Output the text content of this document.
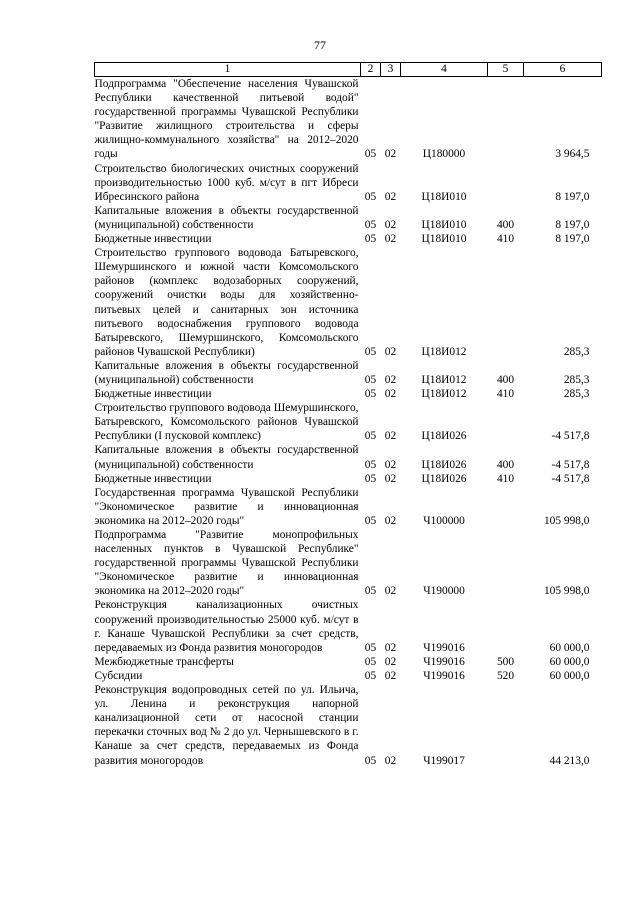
77
1	2	3	4	5	6
Подпрограмма "Обеспечение населения Чувашской Республики качественной питьевой водой" государственной программы Чувашской Республики "Развитие жилищного строительства и сферы жилищно-коммунального хозяйства" на 2012–2020 годы	05	02	Ц180000		3 964,5
Строительство биологических очистных сооружений производительностью 1000 куб. м/сут в пгт Ибреси Ибресинского района	05	02	Ц18И010		8 197,0
Капитальные вложения в объекты государственной (муниципальной) собственности	05	02	Ц18И010	400	8 197,0
Бюджетные инвестиции	05	02	Ц18И010	410	8 197,0
Строительство группового водовода Батыревского, Шемуршинского и южной части Комсомольского районов (комплекс водозаборных сооружений, сооружений очистки воды для хозяйственно-питьевых целей и санитарных зон источника питьевого водоснабжения группового водовода Батыревского, Шемуршинского, Комсомольского районов Чувашской Республики)	05	02	Ц18И012		285,3
Капитальные вложения в объекты государственной (муниципальной) собственности	05	02	Ц18И012	400	285,3
Бюджетные инвестиции	05	02	Ц18И012	410	285,3
Строительство группового водовода Шемуршинского, Батыревского, Комсомольского районов Чувашской Республики (I пусковой комплекс)	05	02	Ц18И026		-4 517,8
Капитальные вложения в объекты государственной (муниципальной) собственности	05	02	Ц18И026	400	-4 517,8
Бюджетные инвестиции	05	02	Ц18И026	410	-4 517,8
Государственная программа Чувашской Республики "Экономическое развитие и инновационная экономика на 2012–2020 годы"	05	02	Ч100000		105 998,0
Подпрограмма "Развитие монопрофильных населенных пунктов в Чувашской Республике" государственной программы Чувашской Республики "Экономическое развитие и инновационная экономика на 2012–2020 годы"	05	02	Ч190000		105 998,0
Реконструкция канализационных очистных сооружений производительностью 25000 куб. м/сут в г. Канаше Чувашской Республики за счет средств, передаваемых из Фонда развития моногородов	05	02	Ч199016		60 000,0
Межбюджетные трансферты	05	02	Ч199016	500	60 000,0
Субсидии	05	02	Ч199016	520	60 000,0
Реконструкция водопроводных сетей по ул. Ильича, ул. Ленина и реконструкция напорной канализационной сети от насосной станции перекачки сточных вод № 2 до ул. Чернышевского в г. Канаше за счет средств, передаваемых из Фонда развития моногородов	05	02	Ч199017		44 213,0
